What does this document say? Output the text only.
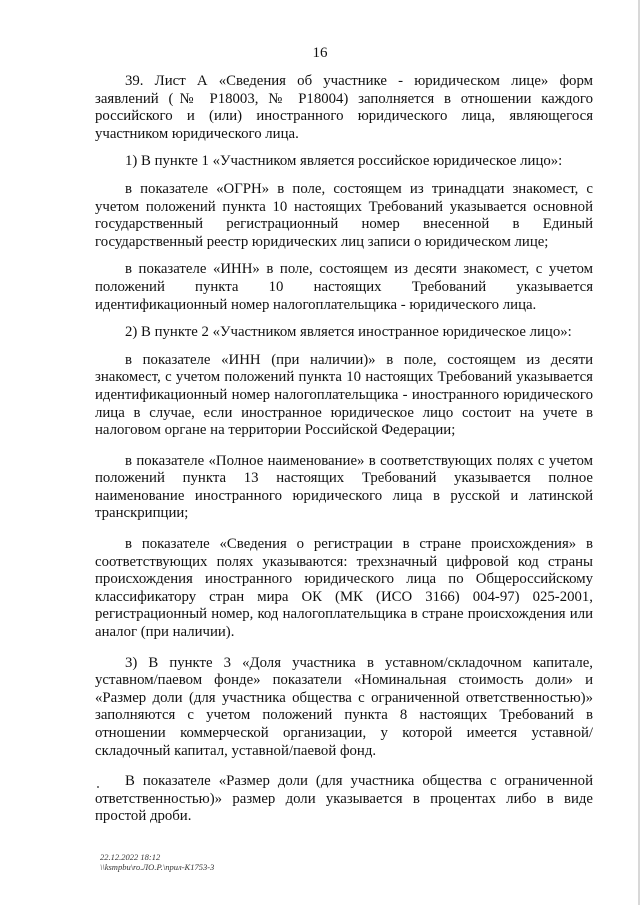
16

39. Лист А «Сведения об участнике - юридическом лице» форм заявлений (№ Р18003, № Р18004) заполняется в отношении каждого российского и (или) иностранного юридического лица, являющегося участником юридического лица.

1) В пункте 1 «Участником является российское юридическое лицо»:

в показателе «ОГРН» в поле, состоящем из тринадцати знакомест, с учетом положений пункта 10 настоящих Требований указывается основной государственный регистрационный номер внесенной в Единый государственный реестр юридических лиц записи о юридическом лице;

в показателе «ИНН» в поле, состоящем из десяти знакомест, с учетом положений пункта 10 настоящих Требований указывается идентификационный номер налогоплательщика - юридического лица.

2) В пункте 2 «Участником является иностранное юридическое лицо»:

в показателе «ИНН (при наличии)» в поле, состоящем из десяти знакомест, с учетом положений пункта 10 настоящих Требований указывается идентификационный номер налогоплательщика - иностранного юридического лица в случае, если иностранное юридическое лицо состоит на учете в налоговом органе на территории Российской Федерации;

в показателе «Полное наименование» в соответствующих полях с учетом положений пункта 13 настоящих Требований указывается полное наименование иностранного юридического лица в русской и латинской транскрипции;

в показателе «Сведения о регистрации в стране происхождения» в соответствующих полях указываются: трехзначный цифровой код страны происхождения иностранного юридического лица по Общероссийскому классификатору стран мира ОК (МК (ИСО 3166) 004-97) 025-2001, регистрационный номер, код налогоплательщика в стране происхождения или аналог (при наличии).

3) В пункте 3 «Доля участника в уставном/складочном капитале, уставном/паевом фонде» показатели «Номинальная стоимость доли» и «Размер доли (для участника общества с ограниченной ответственностью)» заполняются с учетом положений пункта 8 настоящих Требований в отношении коммерческой организации, у которой имеется уставной/складочный капитал, уставной/паевой фонд.

В показателе «Размер доли (для участника общества с ограниченной ответственностью)» размер доли указывается в процентах либо в виде простой дроби.

22.12.2022 18:12
\\ksmpbu\ro.ЛО.Р.\прил-К1753-3
